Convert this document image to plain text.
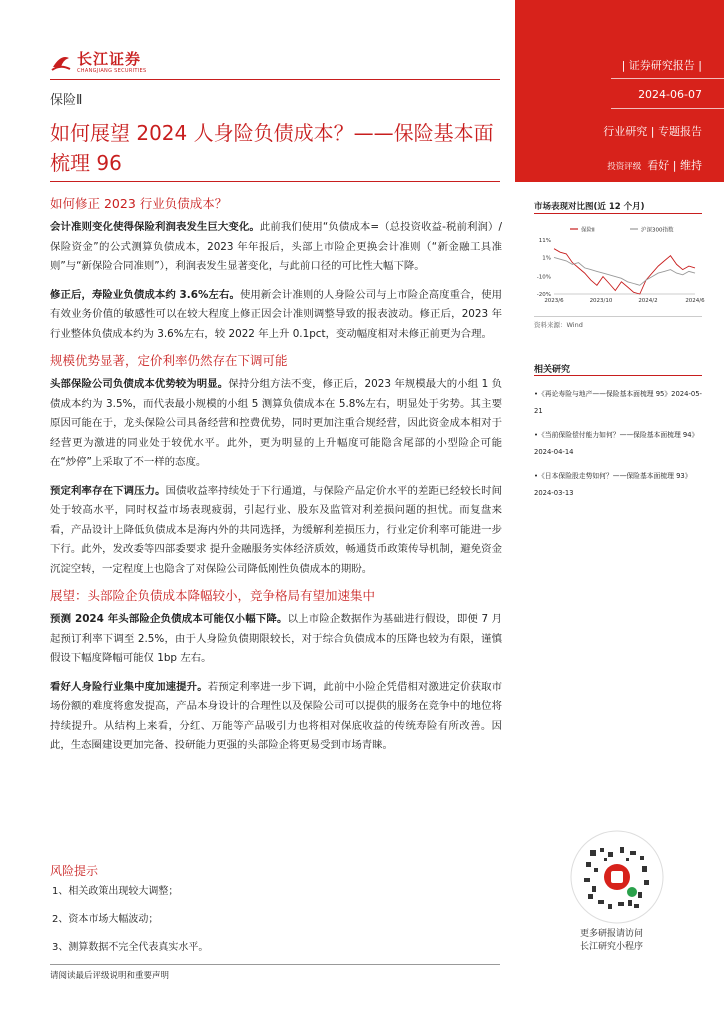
长江证券
CHANGJIANG SECURITIES
保险Ⅱ
如何展望 2024 人身险负债成本？——保险基本面梳理 96
| 证券研究报告 |
2024-06-07
行业研究 | 专题报告
投资评级 看好 | 维持
如何修正 2023 行业负债成本？

会计准则变化使得保险利润表发生巨大变化。此前我们使用“负债成本=（总投资收益-税前利润）/保险资金”的公式测算负债成本，2023 年年报后，头部上市险企更换会计准则（“新金融工具准则”与“新保险合同准则”），利润表发生显著变化，与此前口径的可比性大幅下降。

修正后，寿险业负债成本约 3.6%左右。使用新会计准则的人身险公司与上市险企高度重合，使用有效业务价值的敏感性可以在较大程度上修正因会计准则调整导致的报表波动。修正后，2023 年行业整体负债成本约为 3.6%左右，较 2022 年上升 0.1pct，变动幅度相对未修正前更为合理。

规模优势显著，定价利率仍然存在下调可能

头部保险公司负债成本优势较为明显。保持分组方法不变，修正后，2023 年规模最大的小组 1 负债成本约为 3.5%，而代表最小规模的小组 5 测算负债成本在 5.8%左右，明显处于劣势。其主要原因可能在于，龙头保险公司具备经营和控费优势，同时更加注重合规经营，因此资金成本相对于经营更为激进的同业处于较优水平。此外，更为明显的上升幅度可能隐含尾部的小型险企可能在“炒停”上采取了不一样的态度。

预定利率存在下调压力。国债收益率持续处于下行通道，与保险产品定价水平的差距已经较长时间处于较高水平，同时权益市场表现疲弱，引起行业、股东及监管对利差损问题的担忧。而复盘来看，产品设计上降低负债成本是海内外的共同选择，为缓解利差损压力，行业定价利率可能进一步下行。此外，发改委等四部委要求 提升金融服务实体经济质效，畅通货币政策传导机制，避免资金沉淀空转，一定程度上也隐含了对保险公司降低刚性负债成本的期盼。

展望：头部险企负债成本降幅较小，竞争格局有望加速集中

预测 2024 年头部险企负债成本可能仅小幅下降。以上市险企数据作为基础进行假设，即便 7 月起预订利率下调至 2.5%，由于人身险负债期限较长，对于综合负债成本的压降也较为有限，谨慎假设下幅度降幅可能仅 1bp 左右。

看好人身险行业集中度加速提升。若预定利率进一步下调，此前中小险企凭借相对激进定价获取市场份额的难度将愈发提高，产品本身设计的合理性以及保险公司可以提供的服务在竞争中的地位将持续提升。从结构上来看，分红、万能等产品吸引力也将相对保底收益的传统寿险有所改善。因此，生态圈建设更加完备、投研能力更强的头部险企将更易受到市场青睐。

风险提示
1、相关政策出现较大调整；
2、资本市场大幅波动；
3、测算数据不完全代表真实水平。
请阅读最后评级说明和重要声明
市场表现对比图(近 12 个月)
保险Ⅱ	沪深300指数
11%
1%
-10%
-20%
2023/6	2023/10	2024/2	2024/6
资料来源：Wind
相关研究
•《再论寿险与地产——保险基本面梳理 95》2024-05-21
•《当前保险偿付能力如何？——保险基本面梳理 94》2024-04-14
•《日本保险股走势如何？——保险基本面梳理 93》2024-03-13
更多研报请访问
长江研究小程序
